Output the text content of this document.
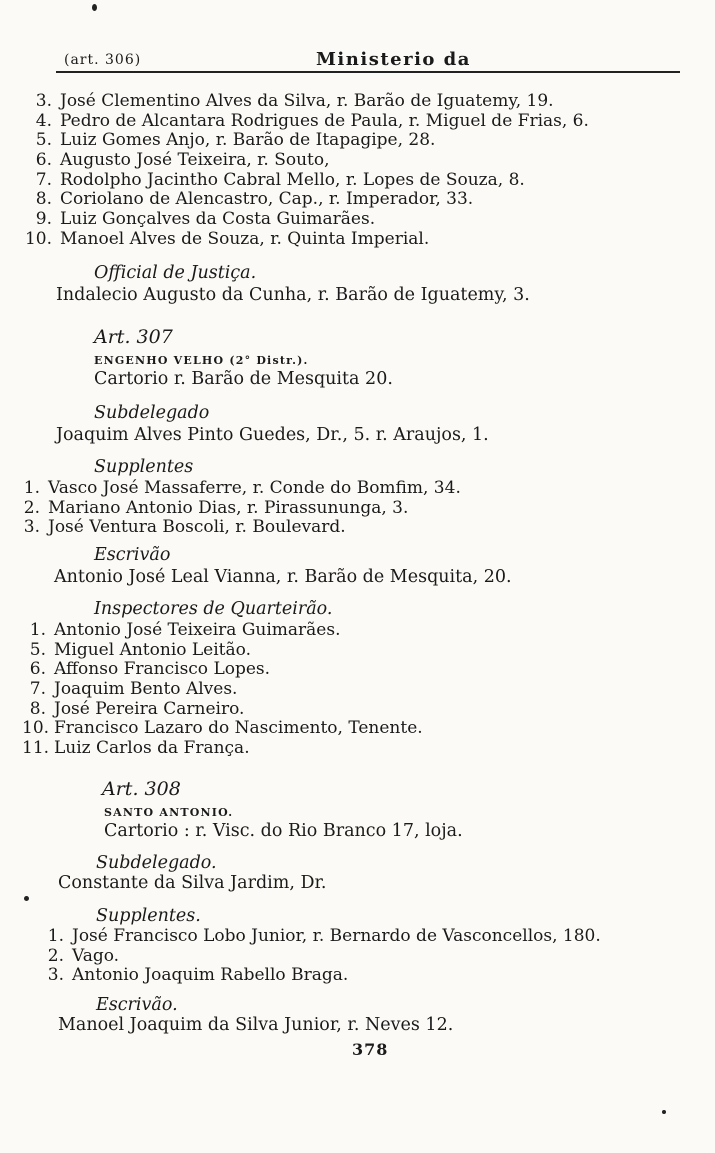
(art. 306)	Ministerio da
3. José Clementino Alves da Silva, r. Barão de Iguatemy, 19.
4. Pedro de Alcantara Rodrigues de Paula, r. Miguel de Frias, 6.
5. Luiz Gomes Anjo, r. Barão de Itapagipe, 28.
6. Augusto José Teixeira, r. Souto,
7. Rodolpho Jacintho Cabral Mello, r. Lopes de Souza, 8.
8. Coriolano de Alencastro, Cap., r. Imperador, 33.
9. Luiz Gonçalves da Costa Guimarães.
10. Manoel Alves de Souza, r. Quinta Imperial.
Official de Justiça.
Indalecio Augusto da Cunha, r. Barão de Iguatemy, 3.
Art. 307
ENGENHO VELHO (2° Distr.).
Cartorio r. Barão de Mesquita 20.
Subdelegado
Joaquim Alves Pinto Guedes, Dr., 5. r. Araujos, 1.
Supplentes
1. Vasco José Massaferre, r. Conde do Bomfim, 34.
2. Mariano Antonio Dias, r. Pirassununga, 3.
3. José Ventura Boscoli, r. Boulevard.
Escrivão
Antonio José Leal Vianna, r. Barão de Mesquita, 20.
Inspectores de Quarteirão.
1. Antonio José Teixeira Guimarães.
5. Miguel Antonio Leitão.
6. Affonso Francisco Lopes.
7. Joaquim Bento Alves.
8. José Pereira Carneiro.
10. Francisco Lazaro do Nascimento, Tenente.
11. Luiz Carlos da França.
Art. 308
SANTO ANTONIO.
Cartorio : r. Visc. do Rio Branco 17, loja.
Subdelegado.
Constante da Silva Jardim, Dr.
Supplentes.
1. José Francisco Lobo Junior, r. Bernardo de Vasconcellos, 180.
2. Vago.
3. Antonio Joaquim Rabello Braga.
Escrivão.
Manoel Joaquim da Silva Junior, r. Neves 12.
378
